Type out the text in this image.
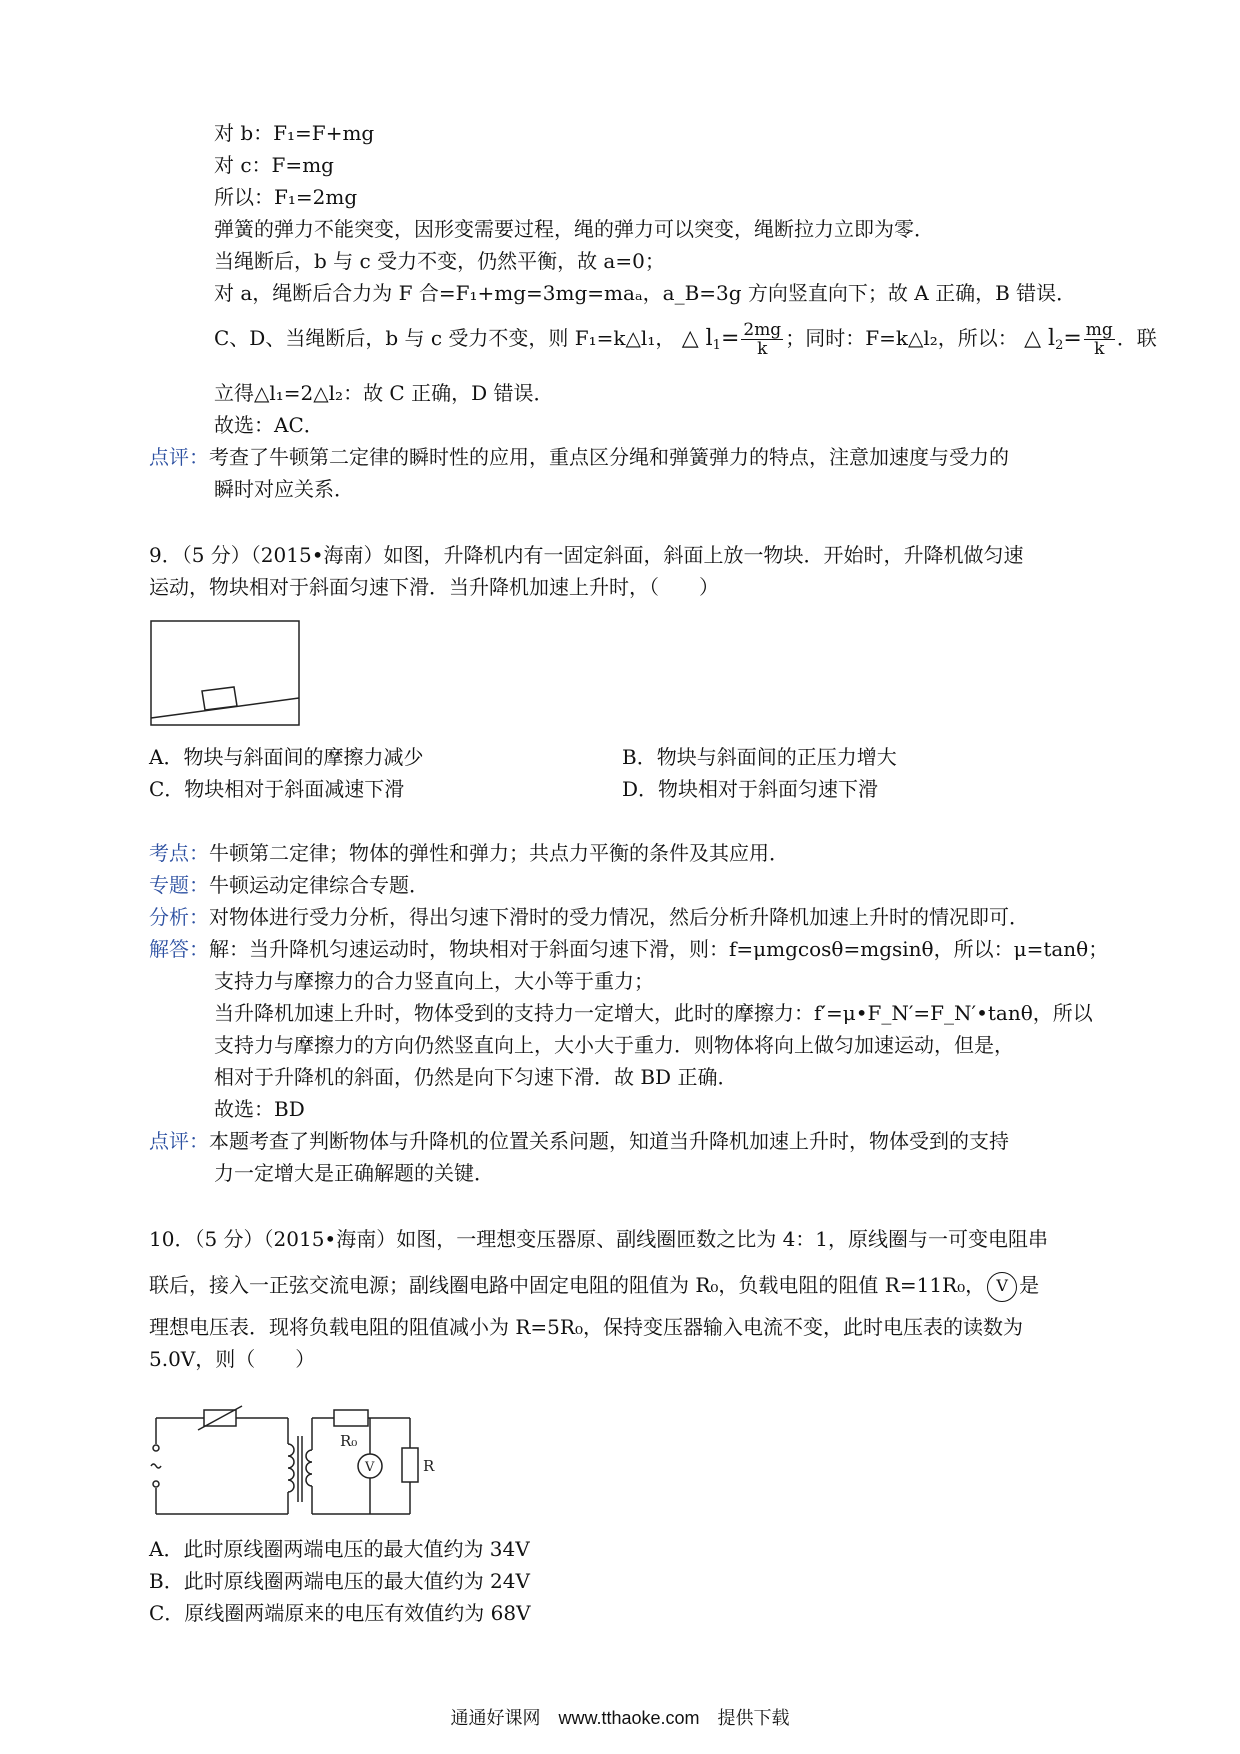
对 b：F₁=F+mg
对 c：F=mg
所以：F₁=2mg
弹簧的弹力不能突变，因形变需要过程，绳的弹力可以突变，绳断拉力立即为零．
当绳断后，b 与 c 受力不变，仍然平衡，故 a=0；
对 a，绳断后合力为 F 合=F₁+mg=3mg=maₐ，a_B=3g 方向竖直向下；故 A 正确，B 错误．
C、D、当绳断后，b 与 c 受力不变，则 F₁=k△l₁， △ $l_1= \frac{2mg}{k}$ ；同时：F=k△l₂，所以： △ $l_2= \frac{mg}{k}$ ．联
立得△l₁=2△l₂：故 C 正确，D 错误．
故选：AC．
点评：考查了牛顿第二定律的瞬时性的应用，重点区分绳和弹簧弹力的特点，注意加速度与受力的
瞬时对应关系．
9．（5 分）（2015•海南）如图，升降机内有一固定斜面，斜面上放一物块．开始时，升降机做匀速
运动，物块相对于斜面匀速下滑．当升降机加速上升时，（　　）
A．物块与斜面间的摩擦力减少	B．物块与斜面间的正压力增大
C．物块相对于斜面减速下滑	D．物块相对于斜面匀速下滑
考点：牛顿第二定律；物体的弹性和弹力；共点力平衡的条件及其应用．
专题：牛顿运动定律综合专题．
分析：对物体进行受力分析，得出匀速下滑时的受力情况，然后分析升降机加速上升时的情况即可．
解答：解：当升降机匀速运动时，物块相对于斜面匀速下滑，则：f=μmgcosθ=mgsinθ，所以：μ=tanθ；
支持力与摩擦力的合力竖直向上，大小等于重力；
当升降机加速上升时，物体受到的支持力一定增大，此时的摩擦力：f′=μ•F_N′=F_N′•tanθ，所以
支持力与摩擦力的方向仍然竖直向上，大小大于重力．则物体将向上做匀加速运动，但是，
相对于升降机的斜面，仍然是向下匀速下滑．故 BD 正确．
故选：BD
点评：本题考查了判断物体与升降机的位置关系问题，知道当升降机加速上升时，物体受到的支持
力一定增大是正确解题的关键．
10．（5 分）（2015•海南）如图，一理想变压器原、副线圈匝数之比为 4：1，原线圈与一可变电阻串
联后，接入一正弦交流电源；副线圈电路中固定电阻的阻值为 R₀，负载电阻的阻值 R=11R₀， V 是
理想电压表．现将负载电阻的阻值减小为 R=5R₀，保持变压器输入电流不变，此时电压表的读数为
5.0V，则（　　）
R₀
V	R
A．此时原线圈两端电压的最大值约为 34V
B．此时原线圈两端电压的最大值约为 24V
C．原线圈两端原来的电压有效值约为 68V
通通好课网　www.tthaoke.com　提供下载
